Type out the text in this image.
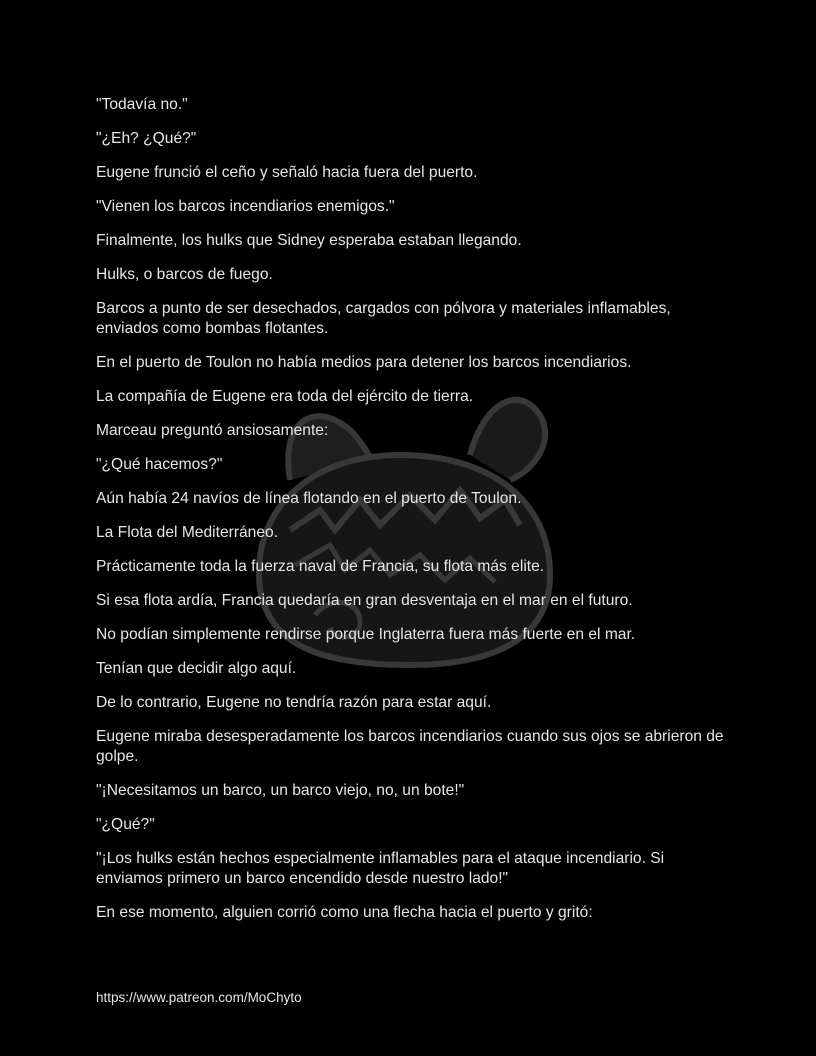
"Todavía no."

"¿Eh? ¿Qué?"

Eugene frunció el ceño y señaló hacia fuera del puerto.

"Vienen los barcos incendiarios enemigos."

Finalmente, los hulks que Sidney esperaba estaban llegando.

Hulks, o barcos de fuego.

Barcos a punto de ser desechados, cargados con pólvora y materiales inflamables, enviados como bombas flotantes.

En el puerto de Toulon no había medios para detener los barcos incendiarios.

La compañía de Eugene era toda del ejército de tierra.

Marceau preguntó ansiosamente:

"¿Qué hacemos?"

Aún había 24 navíos de línea flotando en el puerto de Toulon.

La Flota del Mediterráneo.

Prácticamente toda la fuerza naval de Francia, su flota más elite.

Si esa flota ardía, Francia quedaría en gran desventaja en el mar en el futuro.

No podían simplemente rendirse porque Inglaterra fuera más fuerte en el mar.

Tenían que decidir algo aquí.

De lo contrario, Eugene no tendría razón para estar aquí.

Eugene miraba desesperadamente los barcos incendiarios cuando sus ojos se abrieron de golpe.

"¡Necesitamos un barco, un barco viejo, no, un bote!"

"¿Qué?"

"¡Los hulks están hechos especialmente inflamables para el ataque incendiario. Si enviamos primero un barco encendido desde nuestro lado!"

En ese momento, alguien corrió como una flecha hacia el puerto y gritó:

https://www.patreon.com/MoChyto
